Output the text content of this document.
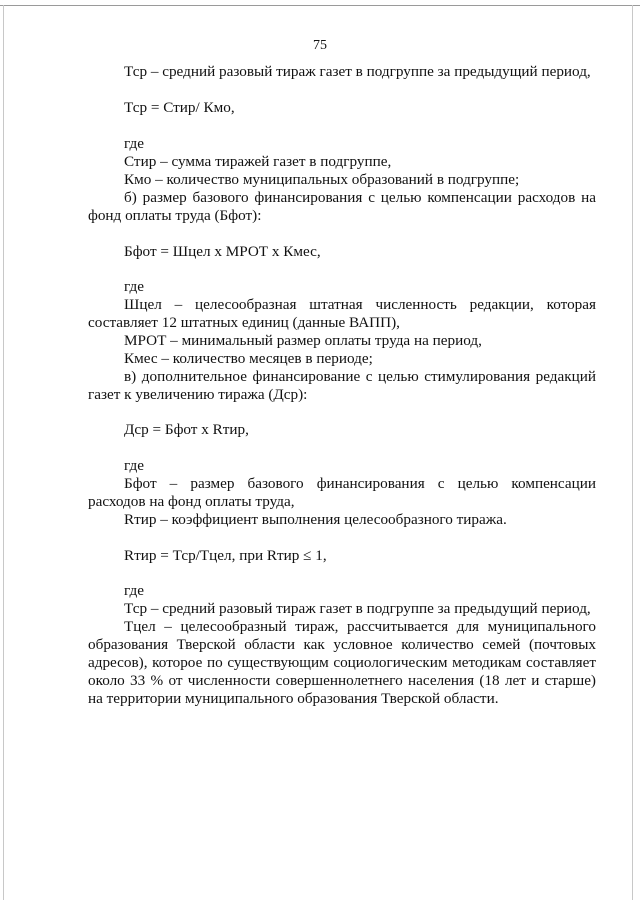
75
Тср – средний разовый тираж газет в подгруппе за предыдущий период,
Тср = Стир/ Кмо,
где
Стир – сумма тиражей газет в подгруппе,
Кмо – количество муниципальных образований в подгруппе;
б) размер базового финансирования с целью компенсации расходов на
фонд оплаты труда (Бфот):
Бфот = Шцел х МРОТ х Кмес,
где
Шцел – целесообразная штатная численность редакции, которая
составляет 12 штатных единиц (данные ВАПП),
МРОТ – минимальный размер оплаты труда на период,
Кмес – количество месяцев в периоде;
в) дополнительное финансирование с целью стимулирования редакций
газет к увеличению тиража (Дср):
Дср = Бфот х Rтир,
где
Бфот – размер базового финансирования с целью компенсации
расходов на фонд оплаты труда,
Rтир – коэффициент выполнения целесообразного тиража.
Rтир = Тср/Тцел, при Rтир ≤ 1,
где
Тср – средний разовый тираж газет в подгруппе за предыдущий период,
Тцел – целесообразный тираж, рассчитывается для муниципального
образования Тверской области как условное количество семей (почтовых
адресов), которое по существующим социологическим методикам составляет
около 33 % от численности совершеннолетнего населения (18 лет и старше)
на территории муниципального образования Тверской области.
